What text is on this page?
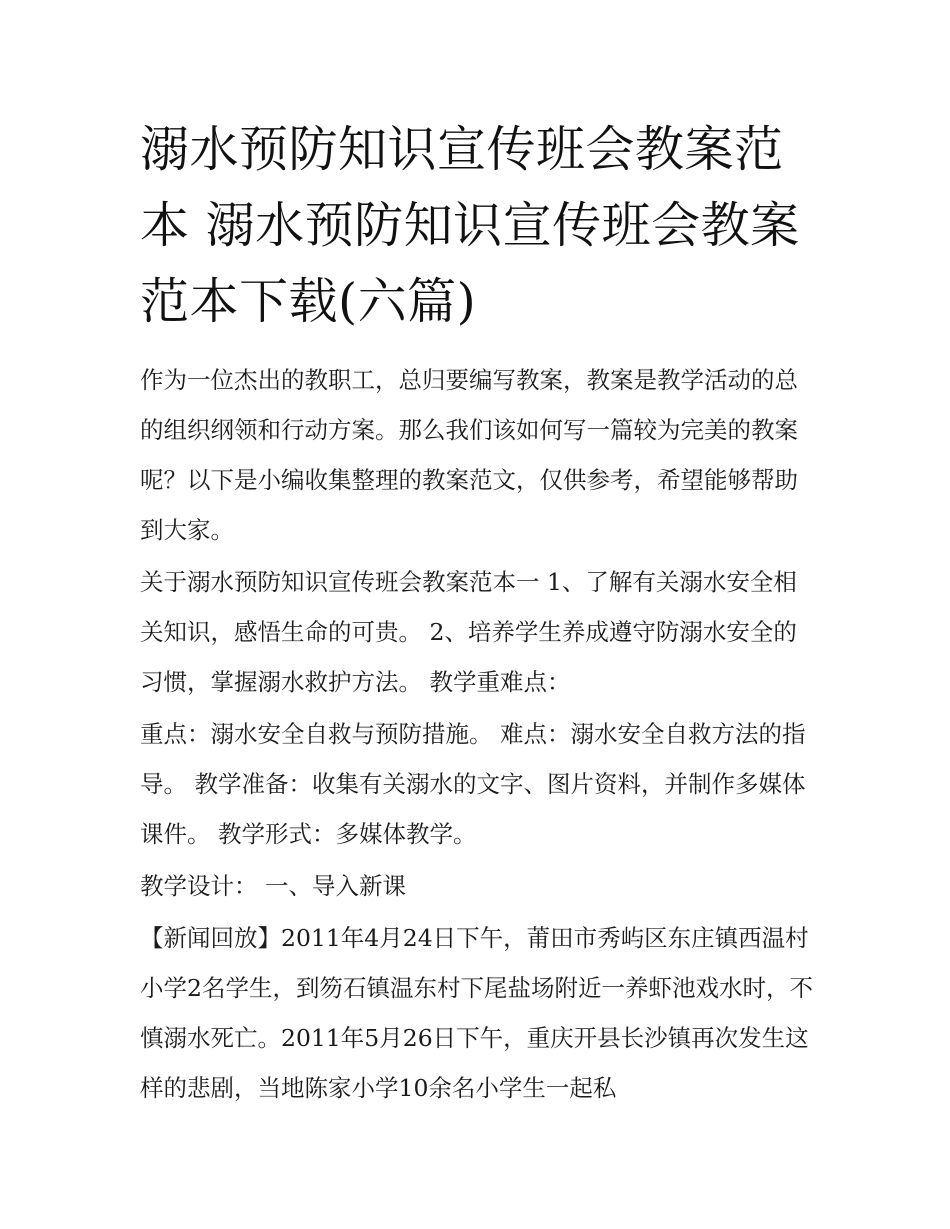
溺水预防知识宣传班会教案范本 溺水预防知识宣传班会教案范本下载(六篇)

作为一位杰出的教职工，总归要编写教案，教案是教学活动的总的组织纲领和行动方案。那么我们该如何写一篇较为完美的教案呢？以下是小编收集整理的教案范文，仅供参考，希望能够帮助到大家。

关于溺水预防知识宣传班会教案范本一 1、了解有关溺水安全相关知识，感悟生命的可贵。 2、培养学生养成遵守防溺水安全的习惯，掌握溺水救护方法。 教学重难点：

重点：溺水安全自救与预防措施。 难点：溺水安全自救方法的指导。 教学准备：收集有关溺水的文字、图片资料，并制作多媒体课件。 教学形式：多媒体教学。

教学设计： 一、导入新课

【新闻回放】2011年4月24日下午，莆田市秀屿区东庄镇西温村小学2名学生，到笏石镇温东村下尾盐场附近一养虾池戏水时，不慎溺水死亡。2011年5月26日下午，重庆开县长沙镇再次发生这样的悲剧，当地陈家小学10余名小学生一起私
